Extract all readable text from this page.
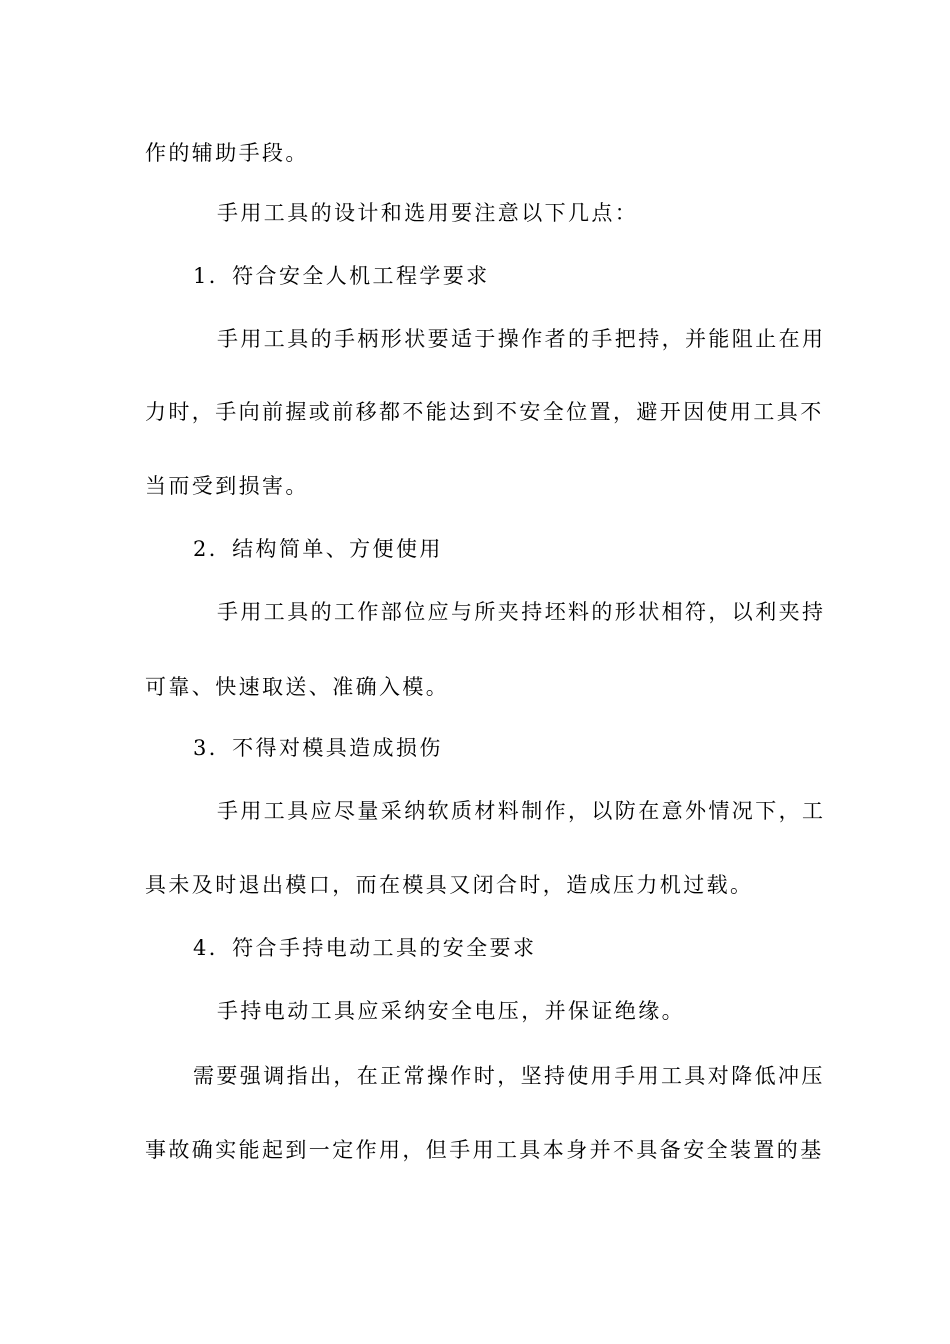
作的辅助手段。
手用工具的设计和选用要注意以下几点：
1．符合安全人机工程学要求
手用工具的手柄形状要适于操作者的手把持，并能阻止在用
力时，手向前握或前移都不能达到不安全位置，避开因使用工具不
当而受到损害。
2．结构简单、方便使用
手用工具的工作部位应与所夹持坯料的形状相符，以利夹持
可靠、快速取送、准确入模。
3．不得对模具造成损伤
手用工具应尽量采纳软质材料制作，以防在意外情况下，工
具未及时退出模口，而在模具又闭合时，造成压力机过载。
4．符合手持电动工具的安全要求
手持电动工具应采纳安全电压，并保证绝缘。
需要强调指出，在正常操作时，坚持使用手用工具对降低冲压
事故确实能起到一定作用，但手用工具本身并不具备安全装置的基
